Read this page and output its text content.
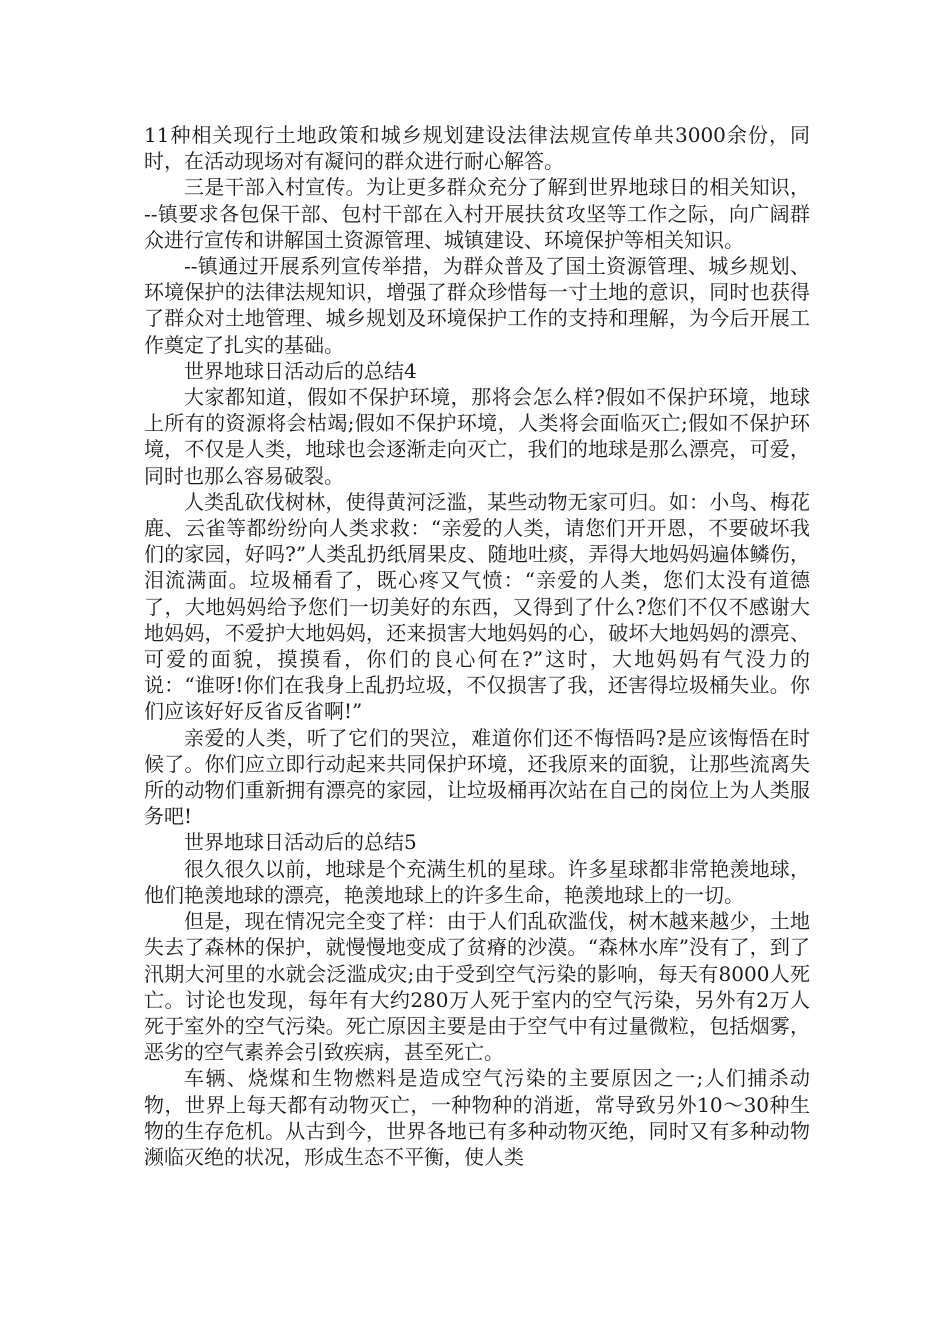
11种相关现行土地政策和城乡规划建设法律法规宣传单共3000余份，同时，在活动现场对有凝问的群众进行耐心解答。

三是干部入村宣传。为让更多群众充分了解到世界地球日的相关知识，--镇要求各包保干部、包村干部在入村开展扶贫攻坚等工作之际，向广阔群众进行宣传和讲解国土资源管理、城镇建设、环境保护等相关知识。

--镇通过开展系列宣传举措，为群众普及了国土资源管理、城乡规划、环境保护的法律法规知识，增强了群众珍惜每一寸土地的意识，同时也获得了群众对土地管理、城乡规划及环境保护工作的支持和理解，为今后开展工作奠定了扎实的基础。

世界地球日活动后的总结4

大家都知道，假如不保护环境，那将会怎么样?假如不保护环境，地球上所有的资源将会枯竭;假如不保护环境，人类将会面临灭亡;假如不保护环境，不仅是人类，地球也会逐渐走向灭亡，我们的地球是那么漂亮，可爱，同时也那么容易破裂。

人类乱砍伐树林，使得黄河泛滥，某些动物无家可归。如：小鸟、梅花鹿、云雀等都纷纷向人类求救：“亲爱的人类，请您们开开恩，不要破坏我们的家园，好吗?”人类乱扔纸屑果皮、随地吐痰，弄得大地妈妈遍体鳞伤，泪流满面。垃圾桶看了，既心疼又气愤：“亲爱的人类，您们太没有道德了，大地妈妈给予您们一切美好的东西，又得到了什么?您们不仅不感谢大地妈妈，不爱护大地妈妈，还来损害大地妈妈的心，破坏大地妈妈的漂亮、可爱的面貌，摸摸看，你们的良心何在?”这时，大地妈妈有气没力的说：“谁呀!你们在我身上乱扔垃圾，不仅损害了我，还害得垃圾桶失业。你们应该好好反省反省啊!”

亲爱的人类，听了它们的哭泣，难道你们还不悔悟吗?是应该悔悟在时候了。你们应立即行动起来共同保护环境，还我原来的面貌，让那些流离失所的动物们重新拥有漂亮的家园，让垃圾桶再次站在自己的岗位上为人类服务吧!

世界地球日活动后的总结5

很久很久以前，地球是个充满生机的星球。许多星球都非常艳羡地球，他们艳羡地球的漂亮，艳羡地球上的许多生命，艳羡地球上的一切。

但是，现在情况完全变了样：由于人们乱砍滥伐，树木越来越少，土地失去了森林的保护，就慢慢地变成了贫瘠的沙漠。“森林水库”没有了，到了汛期大河里的水就会泛滥成灾;由于受到空气污染的影响，每天有8000人死亡。讨论也发现，每年有大约280万人死于室内的空气污染，另外有2万人死于室外的空气污染。死亡原因主要是由于空气中有过量微粒，包括烟雾，恶劣的空气素养会引致疾病，甚至死亡。

车辆、烧煤和生物燃料是造成空气污染的主要原因之一;人们捕杀动物，世界上每天都有动物灭亡，一种物种的消逝，常导致另外10～30种生物的生存危机。从古到今，世界各地已有多种动物灭绝，同时又有多种动物濒临灭绝的状况，形成生态不平衡，使人类
